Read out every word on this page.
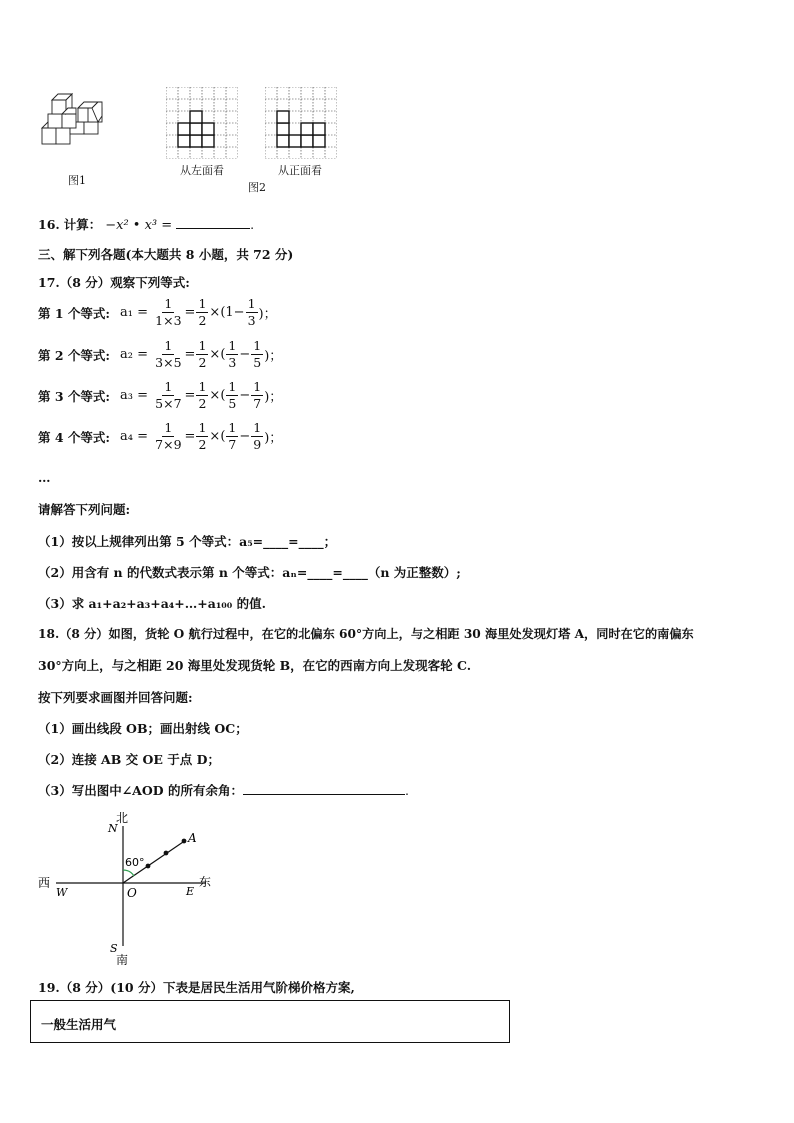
图1
从左面看	从正面看
图2
16. 计算： −x² • x³ =	.
三、解下列各题(本大题共 8 小题，共 72 分)
17.（8 分）观察下列等式:
第 1 个等式: $a_1 = \frac{1}{1\times 3} = \frac{1}{2} \times (1- \frac{1}{3}$ )；
第 2 个等式: $a_2 = \frac{1}{3\times 5} = \frac{1}{2}$ × ( $\frac{1}{3} - \frac{1}{5}$ )；
第 3 个等式: $a_3 = \frac{1}{5\times 7} = \frac{1}{2}$ × ( $\frac{1}{5} - \frac{1}{7}$ )；
第 4 个等式: $a_4 = \frac{1}{7\times 9} = \frac{1}{2}$ × ( $\frac{1}{7} - \frac{1}{9}$ )；
…
请解答下列问题:
（1）按以上规律列出第 5 个等式：a₅=____=____；
（2）用含有 n 的代数式表示第 n 个等式：aₙ=____=____（n 为正整数）;
（3）求 a₁+a₂+a₃+a₄+…+a₁₀₀ 的值.
18.（8 分）如图，货轮 O 航行过程中，在它的北偏东 60°方向上，与之相距 30 海里处发现灯塔 A，同时在它的南偏东
30°方向上，与之相距 20 海里处发现货轮 B，在它的西南方向上发现客轮 C.
按下列要求画图并回答问题:
（1）画出线段 OB；画出射线 OC；
（2）连接 AB 交 OE 于点 D；
（3）写出图中∠AOD 的所有余角：	.
北
N
60°
A
西
W	O	E
东
S
南
19.（8 分）(10 分）下表是居民生活用气阶梯价格方案,
一般生活用气
